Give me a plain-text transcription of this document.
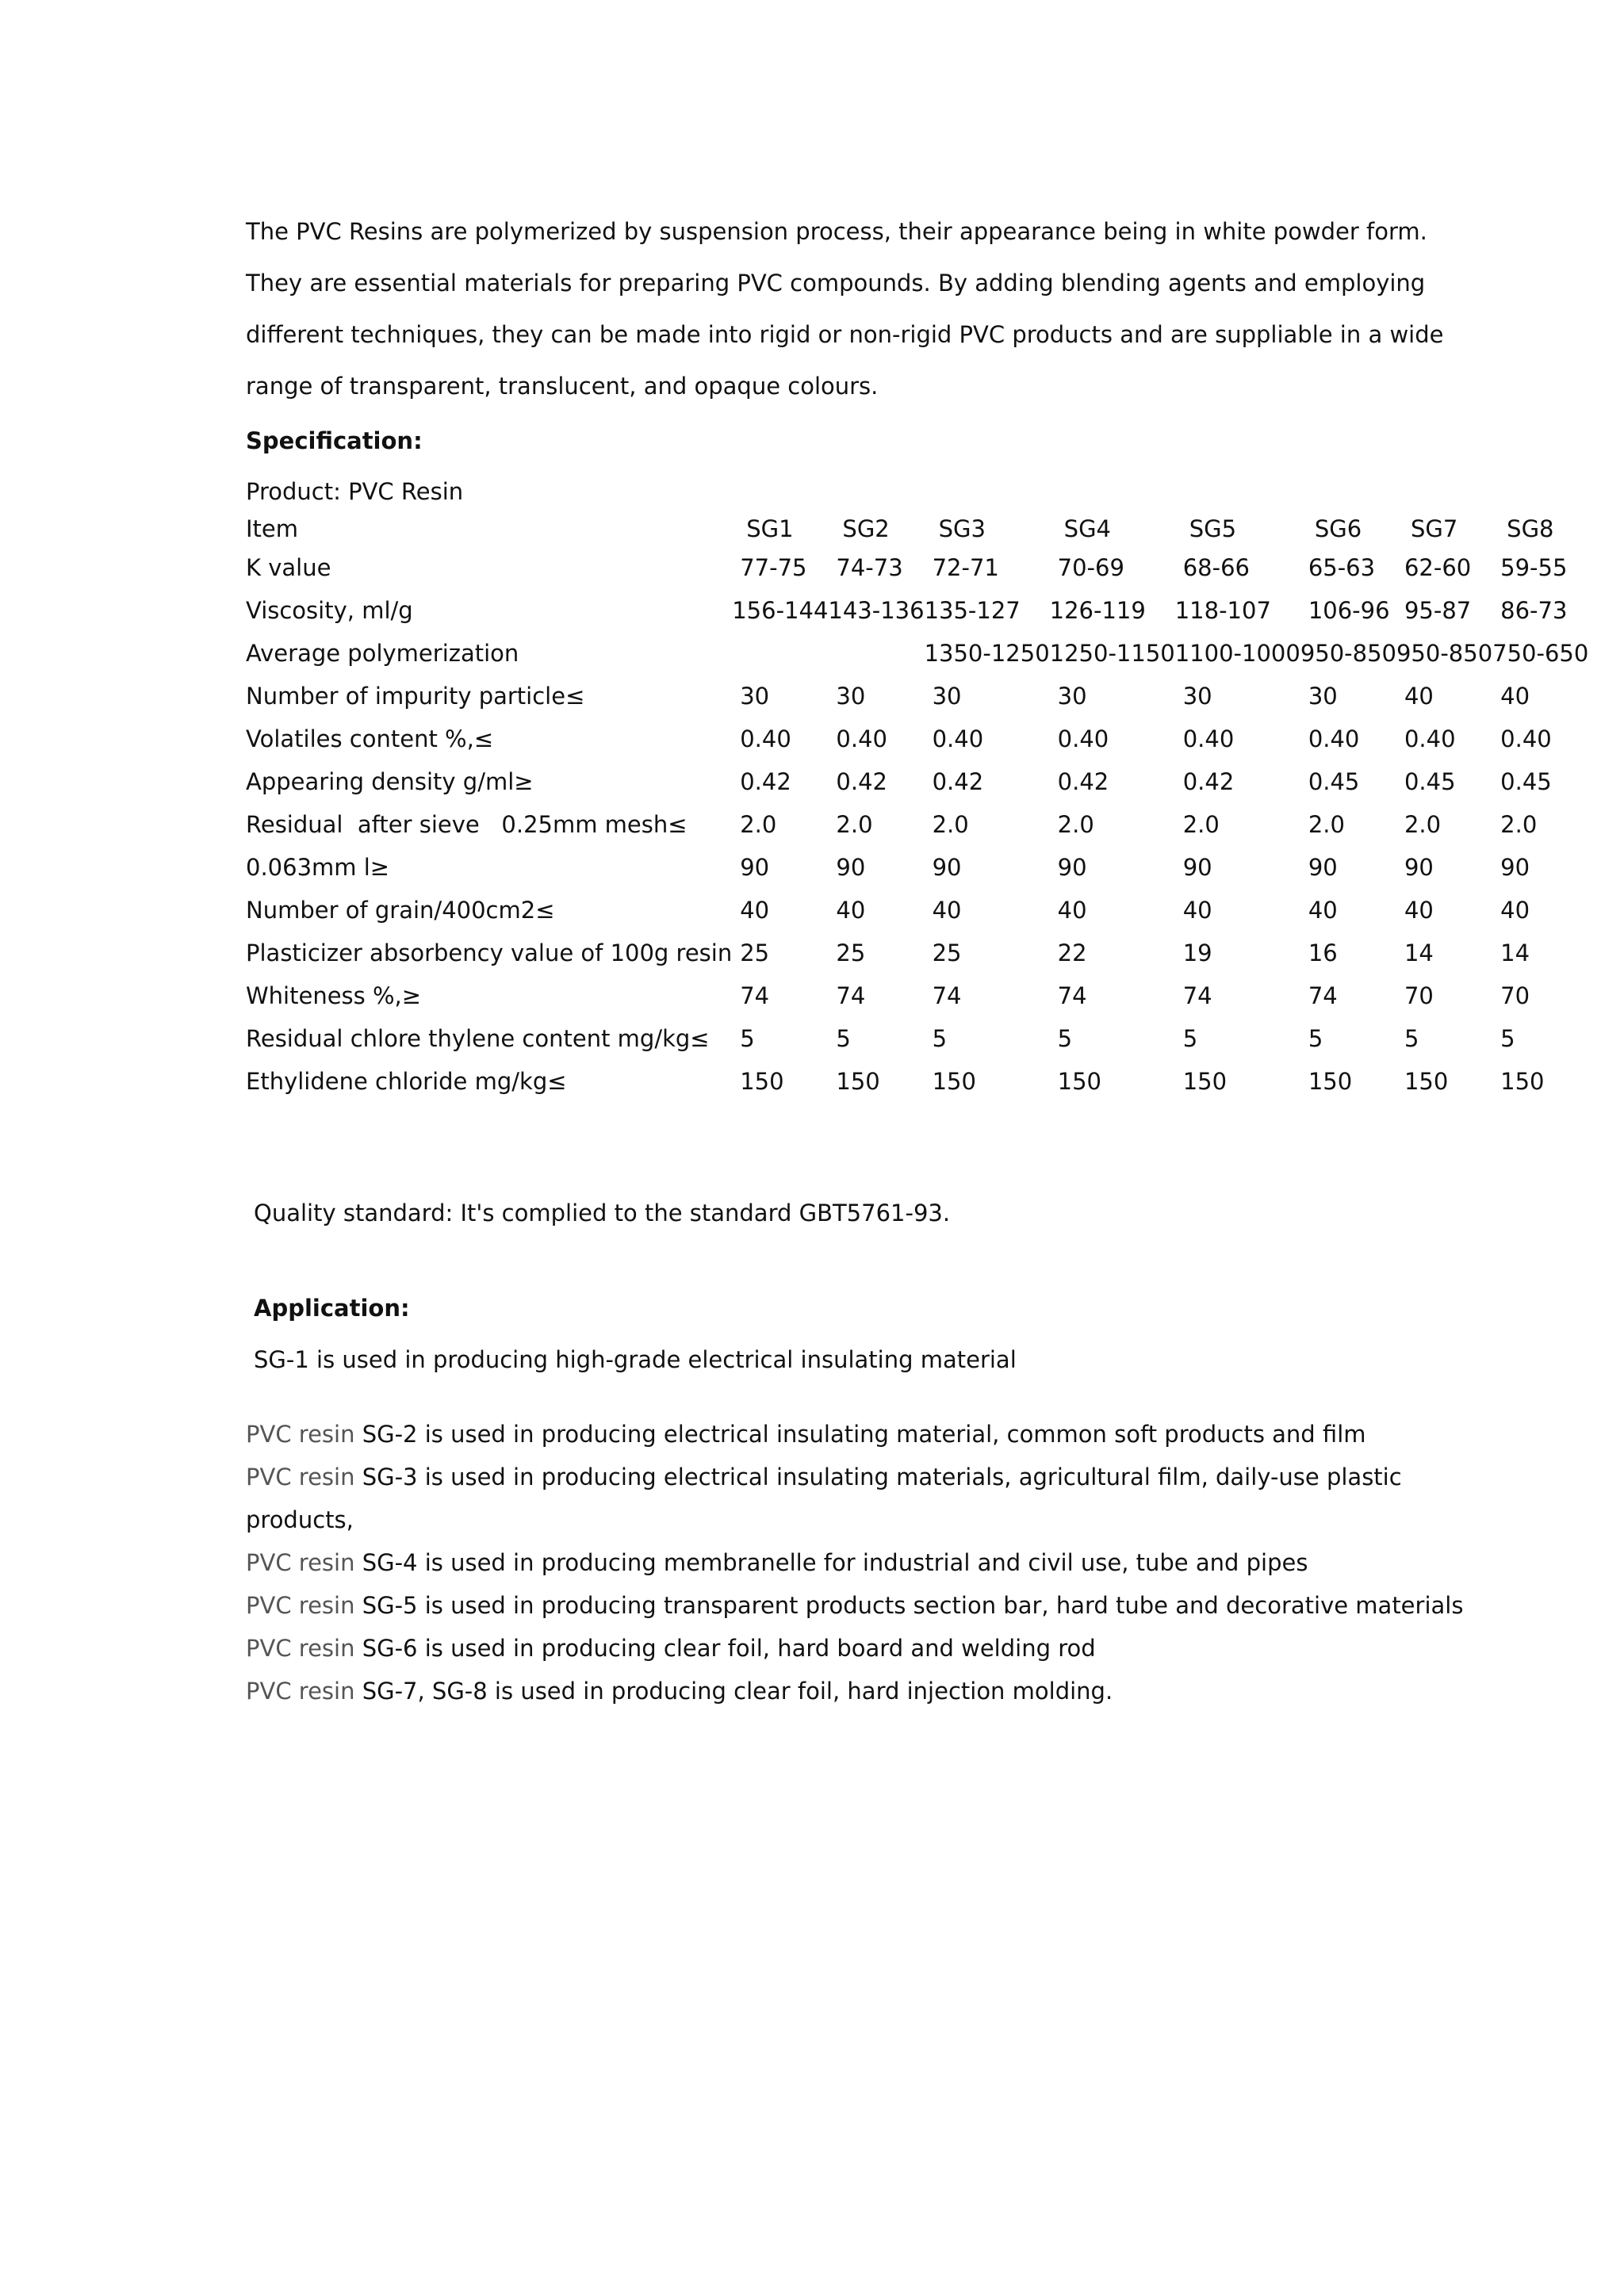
The PVC Resins are polymerized by suspension process, their appearance being in white powder form.
They are essential materials for preparing PVC compounds. By adding blending agents and employing
different techniques, they can be made into rigid or non-rigid PVC products and are suppliable in a wide
range of transparent, translucent, and opaque colours.
Specification:
Product: PVC Resin
Item	SG1	SG2	SG3	SG4	SG5	SG6	SG7	SG8
K value	77-75	74-73	72-71	70-69	68-66	65-63	62-60	59-55
Viscosity, ml/g	156-144	143-136	135-127	126-119	118-107	106-96	95-87	86-73
Average polymerization			1350-1250	1250-1150	1100-1000	950-850	950-850	750-650
Number of impurity particle≤	30	30	30	30	30	30	40	40
Volatiles content %,≤	0.40	0.40	0.40	0.40	0.40	0.40	0.40	0.40
Appearing density g/ml≥	0.42	0.42	0.42	0.42	0.42	0.45	0.45	0.45
Residual  after sieve   0.25mm mesh≤	2.0	2.0	2.0	2.0	2.0	2.0	2.0	2.0
0.063mm l≥	90	90	90	90	90	90	90	90
Number of grain/400cm2≤	40	40	40	40	40	40	40	40
Plasticizer absorbency value of 100g resin	25	25	25	22	19	16	14	14
Whiteness %,≥	74	74	74	74	74	74	70	70
Residual chlore thylene content mg/kg≤	5	5	5	5	5	5	5	5
Ethylidene chloride mg/kg≤	150	150	150	150	150	150	150	150
Quality standard: It's complied to the standard GBT5761-93.
Application:
SG-1 is used in producing high-grade electrical insulating material
PVC resin SG-2 is used in producing electrical insulating material, common soft products and film
PVC resin SG-3 is used in producing electrical insulating materials, agricultural film, daily-use plastic
products,
PVC resin SG-4 is used in producing membranelle for industrial and civil use, tube and pipes
PVC resin SG-5 is used in producing transparent products section bar, hard tube and decorative materials
PVC resin SG-6 is used in producing clear foil, hard board and welding rod
PVC resin SG-7, SG-8 is used in producing clear foil, hard injection molding.
